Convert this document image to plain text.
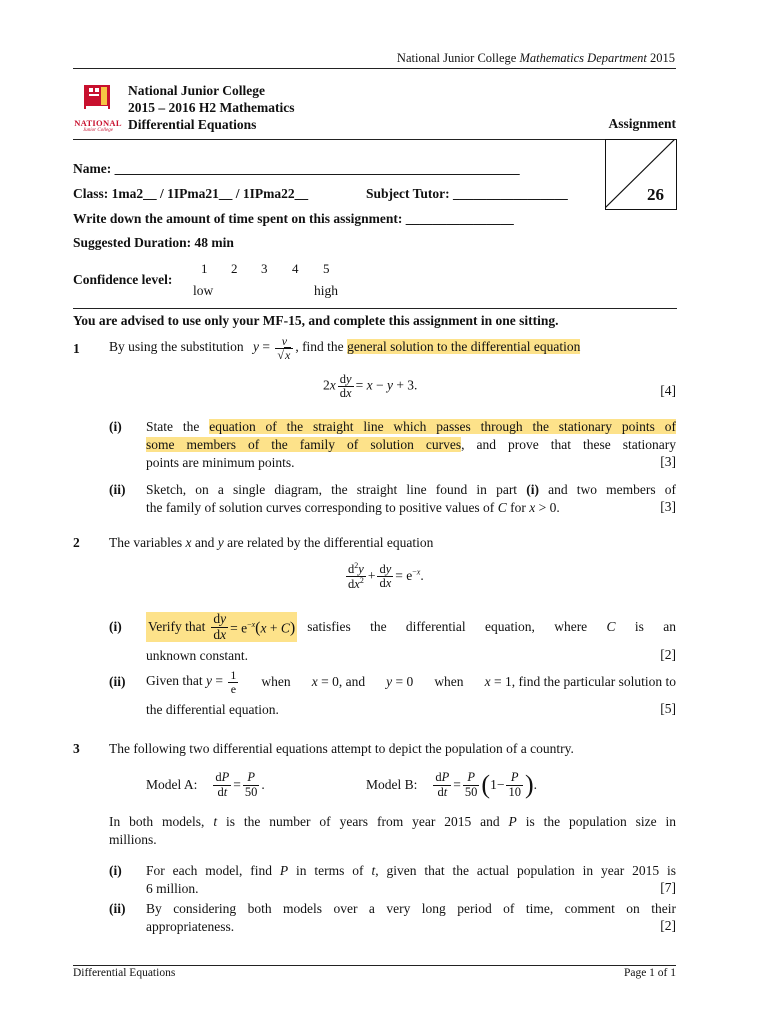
National Junior College Mathematics Department 2015
NATIONAL
Junior College
National Junior College
2015 – 2016 H2 Mathematics
Differential Equations	Assignment
26
Name: ____________________________________________________________
Class: 1ma2__ / 1IPma21__ / 1IPma22__	Subject Tutor: _________________
Write down the amount of time spent on this assignment: ________________
Suggested Duration: 48 min
Confidence level:
1 2 3 4 5
low	high
You are advised to use only your MF-15, and complete this assignment in one sitting.
1 By using the substitution $y = \frac{v}{√x}$ , find the general solution to the differential equation
$2x \frac{dy}{dx} = x - y + 3$.	[4]
(i) State the equation of the straight line which passes through the stationary points of
some members of the family of solution curves, and prove that these stationary
points are minimum points.	[3]
(ii) Sketch, on a single diagram, the straight line found in part (i) and two members of
the family of solution curves corresponding to positive values of C for x > 0.	[3]
2 The variables x and y are related by the differential equation
$\frac{d^2y}{dx^2} + \frac{dy}{dx} = e^{-x}$.
(i) Verify that $\frac{dy}{dx} = e^{-x}(x + C)$ satisfies the differential equation, where C is an
unknown constant.	[2]
(ii) Given that $y = \frac{1}{e}$ when x = 0, and y = 0 when x = 1, find the particular solution to
the differential equation.	[5]
3 The following two differential equations attempt to depict the population of a country.
Model A: $\frac{dP}{dt} = \frac{P}{50}$ .	Model B: $\frac{dP}{dt} = \frac{P}{50}$ ( $1- \frac{P}{10}$ ) .
In both models, t is the number of years from year 2015 and P is the population size in
millions.
(i) For each model, find P in terms of t, given that the actual population in year 2015 is
6 million.	[7]
(ii) By considering both models over a very long period of time, comment on their
appropriateness.	[2]
Differential Equations	Page 1 of 1
